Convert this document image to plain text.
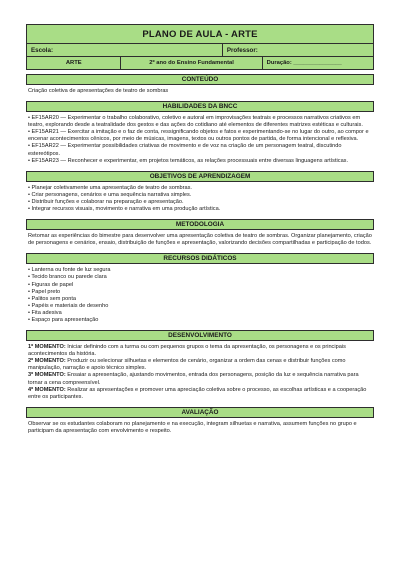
PLANO DE AULA - ARTE
Escola:	Professor:
ARTE	2º ano do Ensino Fundamental	Duração: _______________
CONTEÚDO

Criação coletiva de apresentações de teatro de sombras

HABILIDADES DA BNCC
• EF15AR20 — Experimentar o trabalho colaborativo, coletivo e autoral em improvisações teatrais e processos narrativos criativos em teatro, explorando desde a teatralidade dos gestos e das ações do cotidiano até elementos de diferentes matrizes estéticas e culturais.
• EF15AR21 — Exercitar a imitação e o faz de conta, ressignificando objetos e fatos e experimentando-se no lugar do outro, ao compor e encenar acontecimentos cênicos, por meio de músicas, imagens, textos ou outros pontos de partida, de forma intencional e reflexiva.
• EF15AR22 — Experimentar possibilidades criativas de movimento e de voz na criação de um personagem teatral, discutindo estereótipos.
• EF15AR23 — Reconhecer e experimentar, em projetos temáticos, as relações processuais entre diversas linguagens artísticas.
OBJETIVOS DE APRENDIZAGEM
• Planejar coletivamente uma apresentação de teatro de sombras.
• Criar personagens, cenários e uma sequência narrativa simples.
• Distribuir funções e colaborar na preparação e apresentação.
• Integrar recursos visuais, movimento e narrativa em uma produção artística.
METODOLOGIA

Retomar as experiências do bimestre para desenvolver uma apresentação coletiva de teatro de sombras. Organizar planejamento, criação de personagens e cenários, ensaio, distribuição de funções e apresentação, valorizando decisões compartilhadas e participação de todos.

RECURSOS DIDÁTICOS
• Lanterna ou fonte de luz segura
• Tecido branco ou parede clara
• Figuras de papel
• Papel preto
• Palitos sem ponta
• Papéis e materiais de desenho
• Fita adesiva
• Espaço para apresentação
DESENVOLVIMENTO

1º MOMENTO: Iniciar definindo com a turma ou com pequenos grupos o tema da apresentação, os personagens e os principais acontecimentos da história.

2º MOMENTO: Produzir ou selecionar silhuetas e elementos de cenário, organizar a ordem das cenas e distribuir funções como manipulação, narração e apoio técnico simples.

3º MOMENTO: Ensaiar a apresentação, ajustando movimentos, entrada dos personagens, posição da luz e sequência narrativa para tornar a cena compreensível.

4º MOMENTO: Realizar as apresentações e promover uma apreciação coletiva sobre o processo, as escolhas artísticas e a cooperação entre os participantes.

AVALIAÇÃO

Observar se os estudantes colaboram no planejamento e na execução, integram silhuetas e narrativa, assumem funções no grupo e participam da apresentação com envolvimento e respeito.
